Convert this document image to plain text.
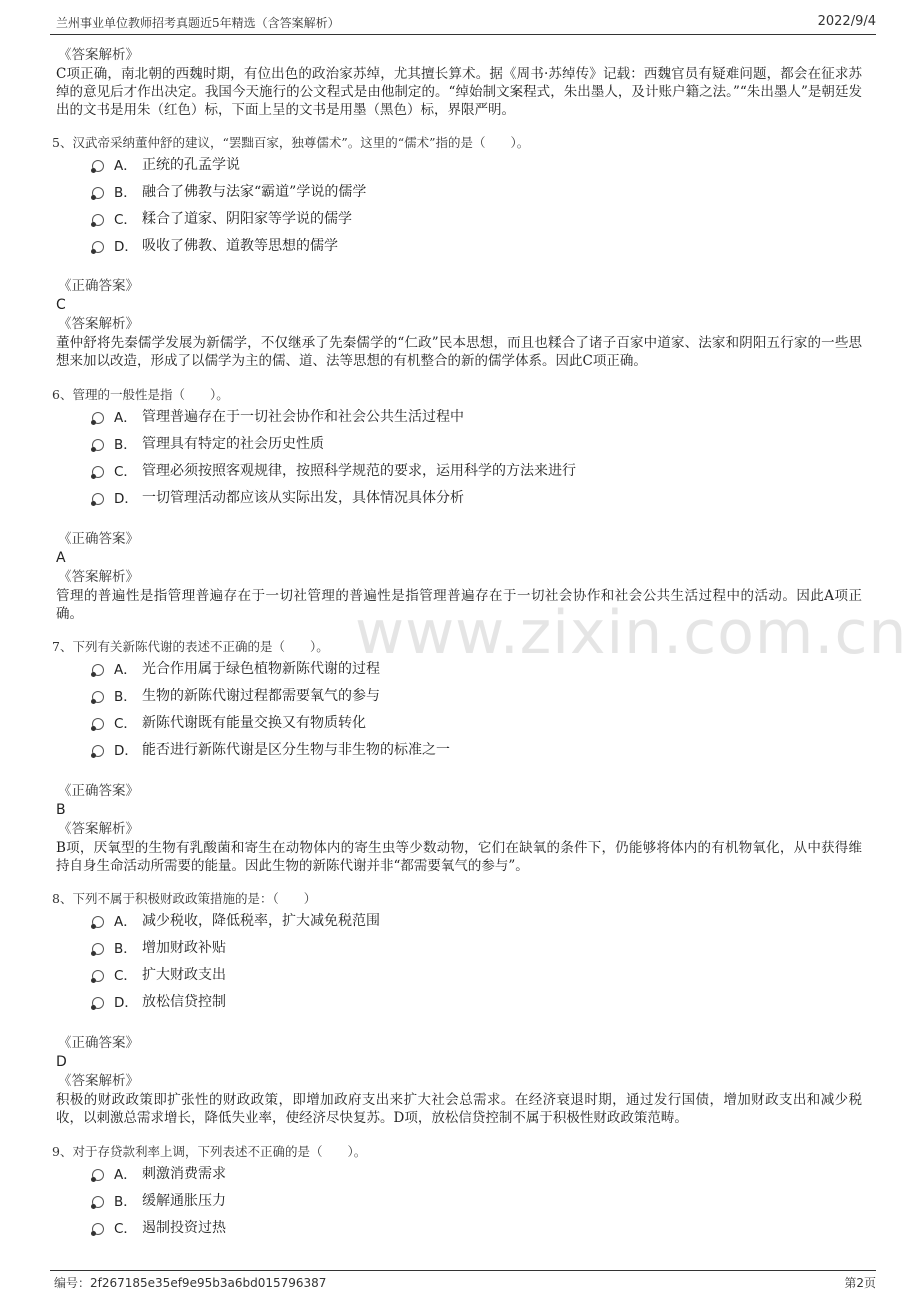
兰州事业单位教师招考真题近5年精选（含答案解析）	2022/9/4
www.zixin.com.cn
《答案解析》
C项正确，南北朝的西魏时期，有位出色的政治家苏绰，尤其擅长算术。据《周书·苏绰传》记载：西魏官员有疑难问题，都会在征求苏绰的意见后才作出决定。我国今天施行的公文程式是由他制定的。“绰始制文案程式，朱出墨人，及计账户籍之法。”“朱出墨人”是朝廷发出的文书是用朱（红色）标，下面上呈的文书是用墨（黑色）标，界限严明。
5、汉武帝采纳董仲舒的建议，“罢黜百家，独尊儒术”。这里的“儒术”指的是（　　）。
A． 正统的孔孟学说
B． 融合了佛教与法家“霸道”学说的儒学
C． 糅合了道家、阴阳家等学说的儒学
D． 吸收了佛教、道教等思想的儒学
《正确答案》
C
《答案解析》
董仲舒将先秦儒学发展为新儒学，不仅继承了先秦儒学的“仁政”民本思想，而且也糅合了诸子百家中道家、法家和阴阳五行家的一些思想来加以改造，形成了以儒学为主的儒、道、法等思想的有机整合的新的儒学体系。因此C项正确。
6、管理的一般性是指（　　）。
A． 管理普遍存在于一切社会协作和社会公共生活过程中
B． 管理具有特定的社会历史性质
C． 管理必须按照客观规律，按照科学规范的要求，运用科学的方法来进行
D． 一切管理活动都应该从实际出发，具体情况具体分析
《正确答案》
A
《答案解析》
管理的普遍性是指管理普遍存在于一切社管理的普遍性是指管理普遍存在于一切社会协作和社会公共生活过程中的活动。因此A项正确。
7、下列有关新陈代谢的表述不正确的是（　　）。
A． 光合作用属于绿色植物新陈代谢的过程
B． 生物的新陈代谢过程都需要氧气的参与
C． 新陈代谢既有能量交换又有物质转化
D． 能否进行新陈代谢是区分生物与非生物的标准之一
《正确答案》
B
《答案解析》
B项，厌氧型的生物有乳酸菌和寄生在动物体内的寄生虫等少数动物，它们在缺氧的条件下，仍能够将体内的有机物氧化，从中获得维持自身生命活动所需要的能量。因此生物的新陈代谢并非“都需要氧气的参与”。
8、下列不属于积极财政政策措施的是：（　　）
A． 减少税收，降低税率，扩大减免税范围
B． 增加财政补贴
C． 扩大财政支出
D． 放松信贷控制
《正确答案》
D
《答案解析》
积极的财政政策即扩张性的财政政策，即增加政府支出来扩大社会总需求。在经济衰退时期，通过发行国债，增加财政支出和减少税收，以刺激总需求增长，降低失业率，使经济尽快复苏。D项，放松信贷控制不属于积极性财政政策范畴。
9、对于存贷款利率上调，下列表述不正确的是（　　）。
A． 刺激消费需求
B． 缓解通胀压力
C． 遏制投资过热
编号：2f267185e35ef9e95b3a6bd015796387	第2页
